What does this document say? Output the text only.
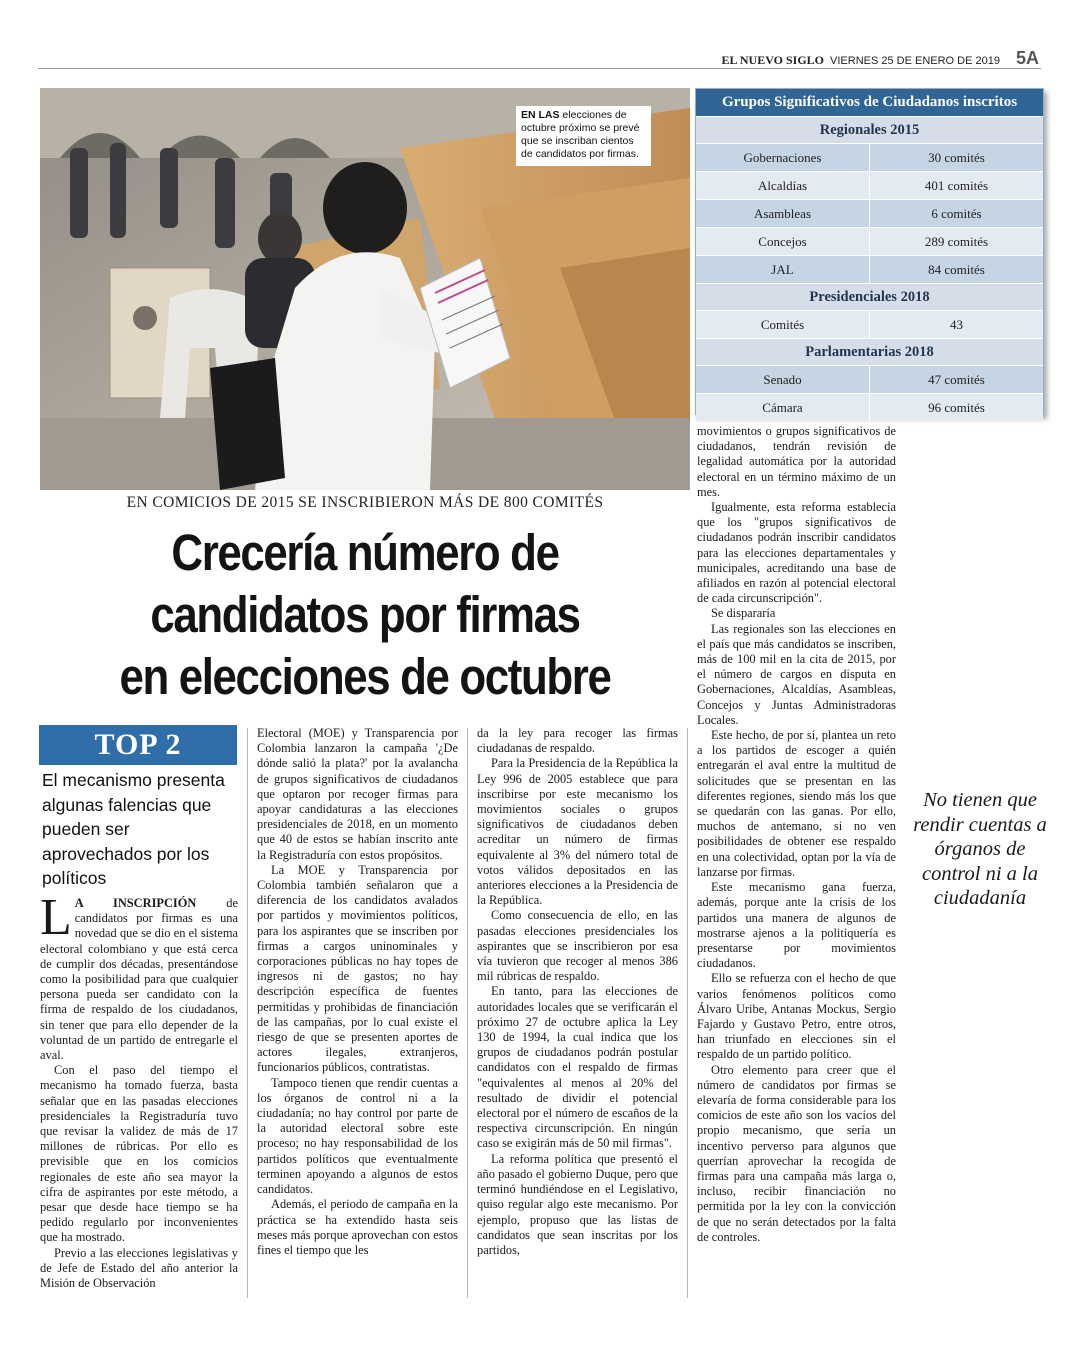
EL NUEVO SIGLO VIERNES 25 DE ENERO DE 2019 5A
EN LAS elecciones de octubre próximo se prevé que se inscriban cientos de candidatos por firmas.
Grupos Significativos de Ciudadanos inscritos
Regionales 2015
Gobernaciones	30 comités
Alcaldías	401 comités
Asambleas	6 comités
Concejos	289 comités
JAL	84 comités
Presidenciales 2018
Comités	43
Parlamentarias 2018
Senado	47 comités
Cámara	96 comités
EN COMICIOS DE 2015 SE INSCRIBIERON MÁS DE 800 COMITÉS
Crecería número de
candidatos por firmas
en elecciones de octubre
TOP 2
El mecanismo presenta algunas falencias que pueden ser aprovechados por los políticos

L A INSCRIPCIÓN de candidatos por firmas es una novedad que se dio en el sistema electoral colombiano y que está cerca de cumplir dos décadas, presentándose como la posibilidad para que cualquier persona pueda ser candidato con la firma de respaldo de los ciudadanos, sin tener que para ello depender de la voluntad de un partido de entregarle el aval.

Con el paso del tiempo el mecanismo ha tomado fuerza, basta señalar que en las pasadas elecciones presidenciales la Registraduría tuvo que revisar la validez de más de 17 millones de rúbricas. Por ello es previsible que en los comicios regionales de este año sea mayor la cifra de aspirantes por este método, a pesar que desde hace tiempo se ha pedido regularlo por inconvenientes que ha mostrado.

Previo a las elecciones legislativas y de Jefe de Estado del año anterior la Misión de Observación

Electoral (MOE) y Transparencia por Colombia lanzaron la campaña '¿De dónde salió la plata?' por la avalancha de grupos significativos de ciudadanos que optaron por recoger firmas para apoyar candidaturas a las elecciones presidenciales de 2018, en un momento que 40 de estos se habían inscrito ante la Registraduría con estos propósitos.

La MOE y Transparencia por Colombia también señalaron que a diferencia de los candidatos avalados por partidos y movimientos políticos, para los aspirantes que se inscriben por firmas a cargos uninominales y corporaciones públicas no hay topes de ingresos ni de gastos; no hay descripción específica de fuentes permitidas y prohibidas de financiación de las campañas, por lo cual existe el riesgo de que se presenten aportes de actores ilegales, extranjeros, funcionarios públicos, contratistas.

Tampoco tienen que rendir cuentas a los órganos de control ni a la ciudadanía; no hay control por parte de la autoridad electoral sobre este proceso; no hay responsabilidad de los partidos políticos que eventualmente terminen apoyando a algunos de estos candidatos.

Además, el periodo de campaña en la práctica se ha extendido hasta seis meses más porque aprovechan con estos fines el tiempo que les

da la ley para recoger las firmas ciudadanas de respaldo.

Para la Presidencia de la República la Ley 996 de 2005 establece que para inscribirse por este mecanismo los movimientos sociales o grupos significativos de ciudadanos deben acreditar un número de firmas equivalente al 3% del número total de votos válidos depositados en las anteriores elecciones a la Presidencia de la República.

Como consecuencia de ello, en las pasadas elecciones presidenciales los aspirantes que se inscribieron por esa vía tuvieron que recoger al menos 386 mil rúbricas de respaldo.

En tanto, para las elecciones de autoridades locales que se verificarán el próximo 27 de octubre aplica la Ley 130 de 1994, la cual indica que los grupos de ciudadanos podrán postular candidatos con el respaldo de firmas "equivalentes al menos al 20% del resultado de dividir el potencial electoral por el número de escaños de la respectiva circunscripción. En ningún caso se exigirán más de 50 mil firmas".

La reforma política que presentó el año pasado el gobierno Duque, pero que terminó hundiéndose en el Legislativo, quiso regular algo este mecanismo. Por ejemplo, propuso que las listas de candidatos que sean inscritas por los partidos,

movimientos o grupos significativos de ciudadanos, tendrán revisión de legalidad automática por la autoridad electoral en un término máximo de un mes.

Igualmente, esta reforma establecía que los "grupos significativos de ciudadanos podrán inscribir candidatos para las elecciones departamentales y municipales, acreditando una base de afiliados en razón al potencial electoral de cada circunscripción".

Se dispararía

Las regionales son las elecciones en el país que más candidatos se inscriben, más de 100 mil en la cita de 2015, por el número de cargos en disputa en Gobernaciones, Alcaldías, Asambleas, Concejos y Juntas Administradoras Locales.

Este hecho, de por sí, plantea un reto a los partidos de escoger a quién entregarán el aval entre la multitud de solicitudes que se presentan en las diferentes regiones, siendo más los que se quedarán con las ganas. Por ello, muchos de antemano, si no ven posibilidades de obtener ese respaldo en una colectividad, optan por la vía de lanzarse por firmas.

Este mecanismo gana fuerza, además, porque ante la crisis de los partidos una manera de algunos de mostrarse ajenos a la politiquería es presentarse por movimientos ciudadanos.

Ello se refuerza con el hecho de que varios fenómenos políticos como Álvaro Uribe, Antanas Mockus, Sergio Fajardo y Gustavo Petro, entre otros, han triunfado en elecciones sin el respaldo de un partido político.

Otro elemento para creer que el número de candidatos por firmas se elevaría de forma considerable para los comicios de este año son los vacíos del propio mecanismo, que sería un incentivo perverso para algunos que querrían aprovechar la recogida de firmas para una campaña más larga o, incluso, recibir financiación no permitida por la ley con la convicción de que no serán detectados por la falta de controles.

No tienen que rendir cuentas a órganos de control ni a la ciudadanía
